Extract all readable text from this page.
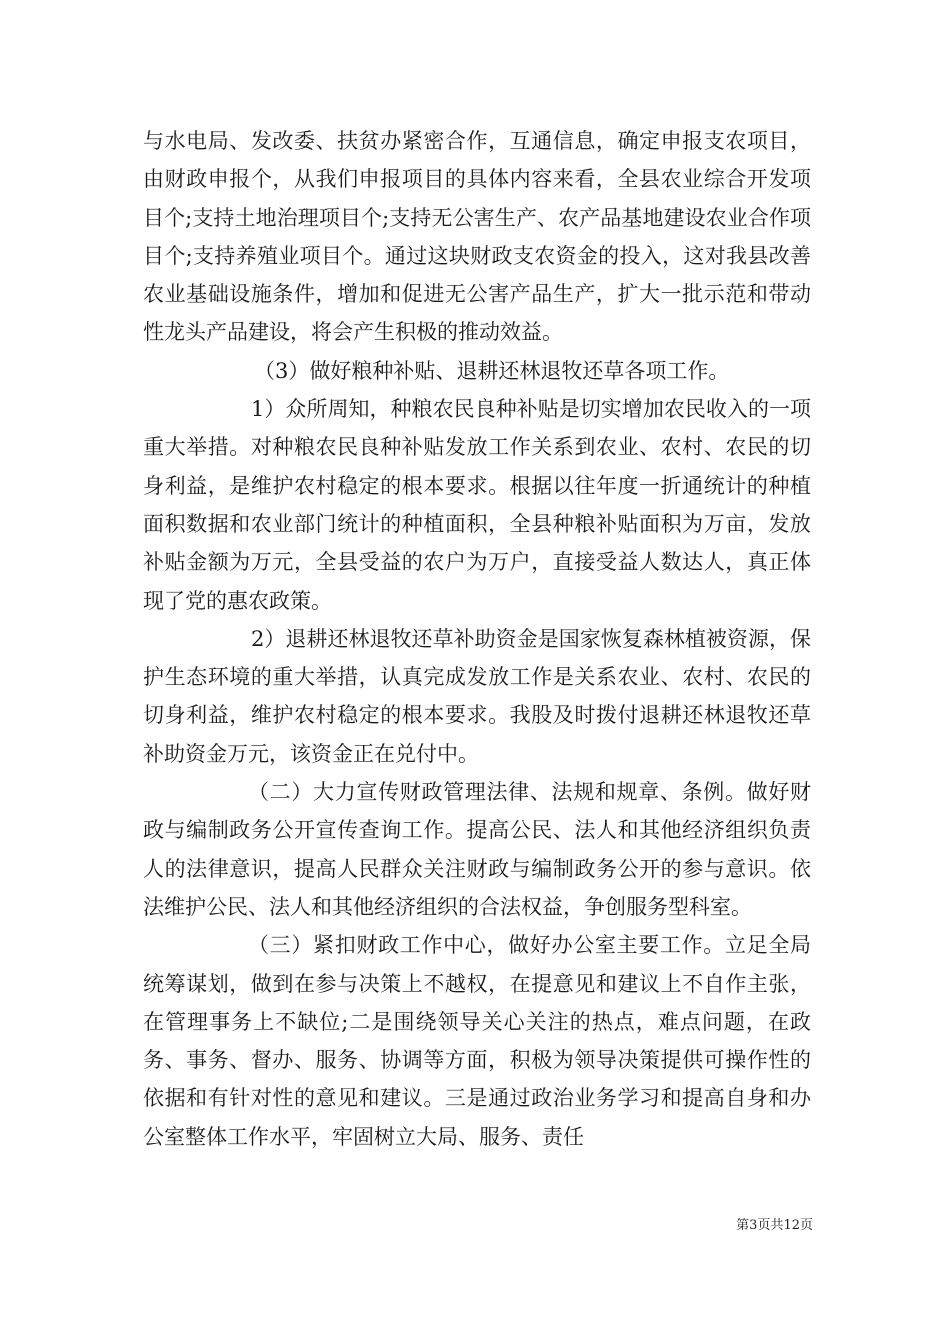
与水电局、发改委、扶贫办紧密合作，互通信息，确定申报支农项目，由财政申报个，从我们申报项目的具体内容来看，全县农业综合开发项目个;支持土地治理项目个;支持无公害生产、农产品基地建设农业合作项目个;支持养殖业项目个。通过这块财政支农资金的投入，这对我县改善农业基础设施条件，增加和促进无公害产品生产，扩大一批示范和带动性龙头产品建设，将会产生积极的推动效益。

（3）做好粮种补贴、退耕还林退牧还草各项工作。

1）众所周知，种粮农民良种补贴是切实增加农民收入的一项重大举措。对种粮农民良种补贴发放工作关系到农业、农村、农民的切身利益，是维护农村稳定的根本要求。根据以往年度一折通统计的种植面积数据和农业部门统计的种植面积，全县种粮补贴面积为万亩，发放补贴金额为万元，全县受益的农户为万户，直接受益人数达人，真正体现了党的惠农政策。

2）退耕还林退牧还草补助资金是国家恢复森林植被资源，保护生态环境的重大举措，认真完成发放工作是关系农业、农村、农民的切身利益，维护农村稳定的根本要求。我股及时拨付退耕还林退牧还草补助资金万元，该资金正在兑付中。

（二）大力宣传财政管理法律、法规和规章、条例。做好财政与编制政务公开宣传查询工作。提高公民、法人和其他经济组织负责人的法律意识，提高人民群众关注财政与编制政务公开的参与意识。依法维护公民、法人和其他经济组织的合法权益，争创服务型科室。

（三）紧扣财政工作中心，做好办公室主要工作。立足全局统筹谋划，做到在参与决策上不越权，在提意见和建议上不自作主张，在管理事务上不缺位;二是围绕领导关心关注的热点，难点问题，在政务、事务、督办、服务、协调等方面，积极为领导决策提供可操作性的依据和有针对性的意见和建议。三是通过政治业务学习和提高自身和办公室整体工作水平，牢固树立大局、服务、责任

第3页共12页
